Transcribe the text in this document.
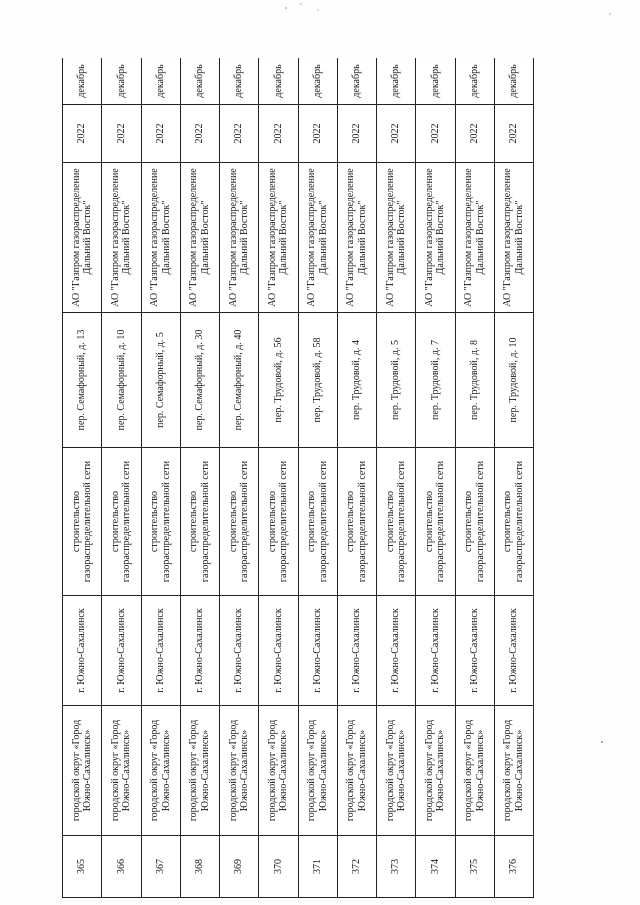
365	городской округ «Город Южно-Сахалинск»	г. Южно-Сахалинск	строительство газораспределительной сети	пер. Семафорный, д. 13	АО "Газпром газораспределение Дальний Восток"	2022	декабрь
366	городской округ «Город Южно-Сахалинск»	г. Южно-Сахалинск	строительство газораспределительной сети	пер. Семафорный, д. 10	АО "Газпром газораспределение Дальний Восток"	2022	декабрь
367	городской округ «Город Южно-Сахалинск»	г. Южно-Сахалинск	строительство газораспределительной сети	пер. Семафорный, д. 5	АО "Газпром газораспределение Дальний Восток"	2022	декабрь
368	городской округ «Город Южно-Сахалинск»	г. Южно-Сахалинск	строительство газораспределительной сети	пер. Семафорный, д. 30	АО "Газпром газораспределение Дальний Восток"	2022	декабрь
369	городской округ «Город Южно-Сахалинск»	г. Южно-Сахалинск	строительство газораспределительной сети	пер. Семафорный, д. 40	АО "Газпром газораспределение Дальний Восток"	2022	декабрь
370	городской округ «Город Южно-Сахалинск»	г. Южно-Сахалинск	строительство газораспределительной сети	пер. Трудовой, д. 56	АО "Газпром газораспределение Дальний Восток"	2022	декабрь
371	городской округ «Город Южно-Сахалинск»	г. Южно-Сахалинск	строительство газораспределительной сети	пер. Трудовой, д. 58	АО "Газпром газораспределение Дальний Восток"	2022	декабрь
372	городской округ «Город Южно-Сахалинск»	г. Южно-Сахалинск	строительство газораспределительной сети	пер. Трудовой, д. 4	АО "Газпром газораспределение Дальний Восток"	2022	декабрь
373	городской округ «Город Южно-Сахалинск»	г. Южно-Сахалинск	строительство газораспределительной сети	пер. Трудовой, д. 5	АО "Газпром газораспределение Дальний Восток"	2022	декабрь
374	городской округ «Город Южно-Сахалинск»	г. Южно-Сахалинск	строительство газораспределительной сети	пер. Трудовой, д. 7	АО "Газпром газораспределение Дальний Восток"	2022	декабрь
375	городской округ «Город Южно-Сахалинск»	г. Южно-Сахалинск	строительство газораспределительной сети	пер. Трудовой, д. 8	АО "Газпром газораспределение Дальний Восток"	2022	декабрь
376	городской округ «Город Южно-Сахалинск»	г. Южно-Сахалинск	строительство газораспределительной сети	пер. Трудовой, д. 10	АО "Газпром газораспределение Дальний Восток"	2022	декабрь
